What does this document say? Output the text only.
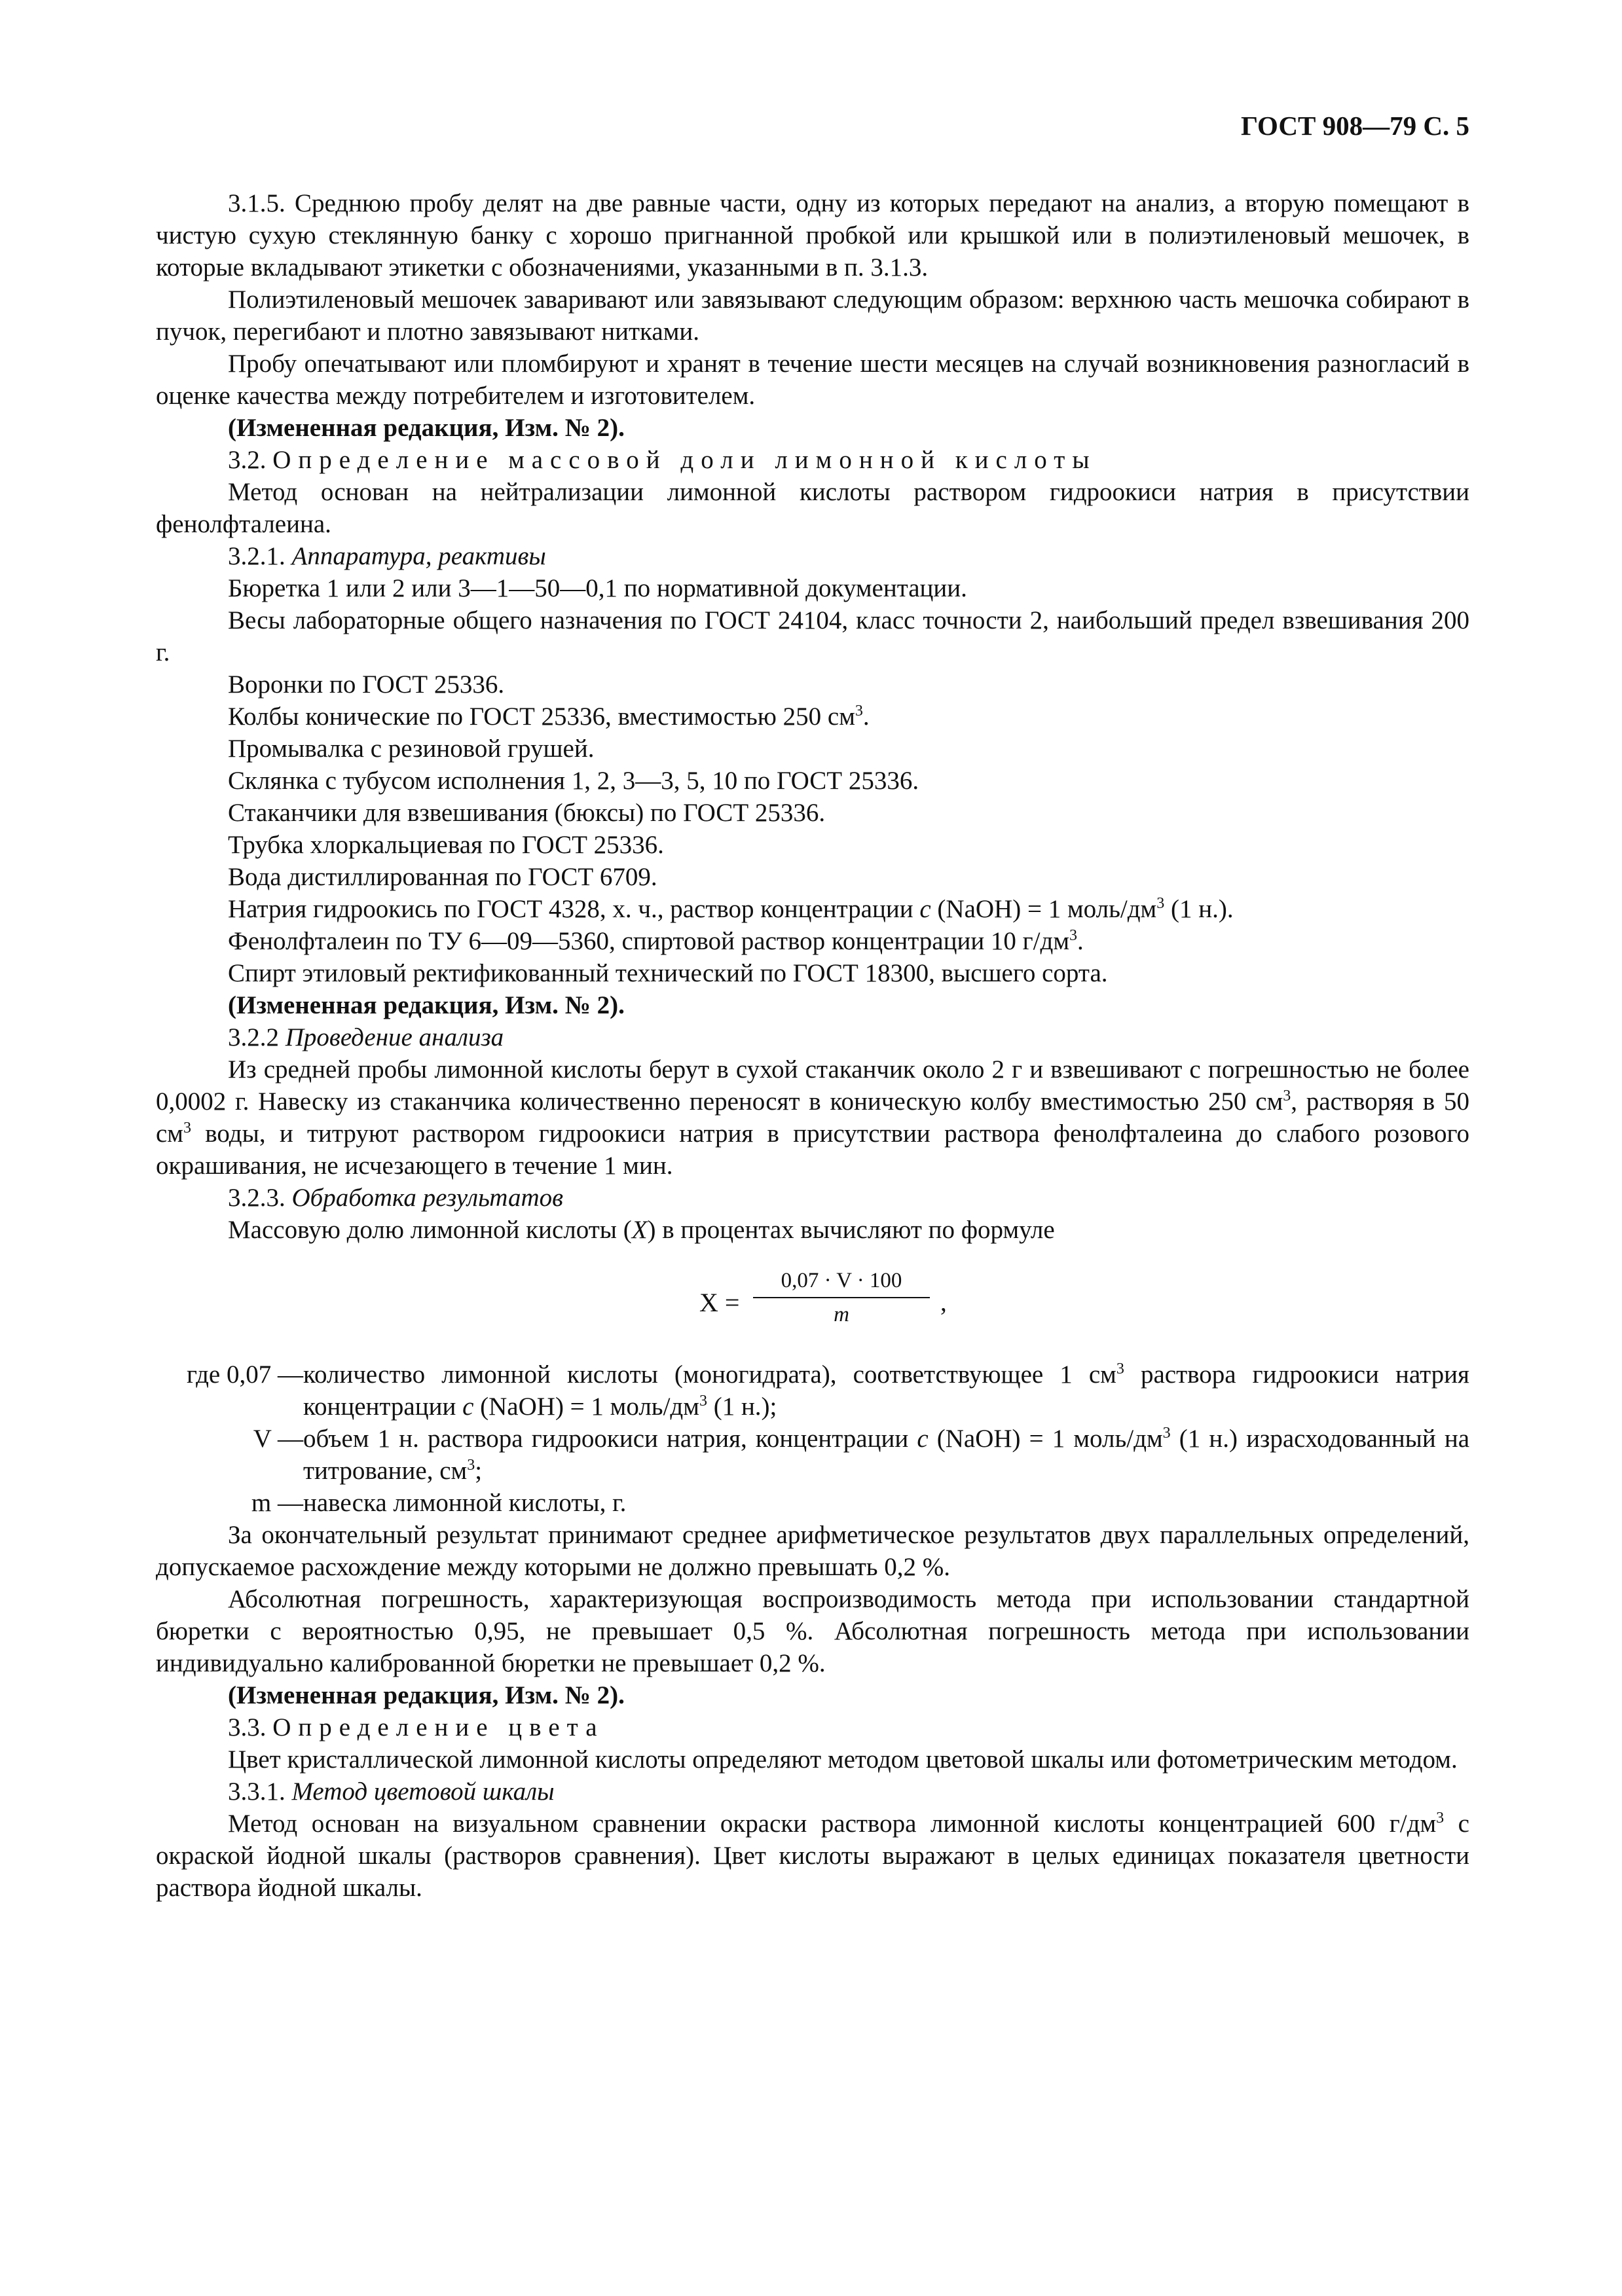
ГОСТ 908—79 С. 5

3.1.5. Среднюю пробу делят на две равные части, одну из которых передают на анализ, а вторую помещают в чистую сухую стеклянную банку с хорошо пригнанной пробкой или крышкой или в полиэтиленовый мешочек, в которые вкладывают этикетки с обозначениями, указанными в п. 3.1.3.

Полиэтиленовый мешочек заваривают или завязывают следующим образом: верхнюю часть мешочка собирают в пучок, перегибают и плотно завязывают нитками.

Пробу опечатывают или пломбируют и хранят в течение шести месяцев на случай возникновения разногласий в оценке качества между потребителем и изготовителем.

(Измененная редакция, Изм. № 2).

3.2. Определение массовой доли лимонной кислоты

Метод основан на нейтрализации лимонной кислоты раствором гидроокиси натрия в присутствии фенолфталеина.

3.2.1. Аппаратура, реактивы

Бюретка 1 или 2 или 3—1—50—0,1 по нормативной документации.

Весы лабораторные общего назначения по ГОСТ 24104, класс точности 2, наибольший предел взвешивания 200 г.

Воронки по ГОСТ 25336.

Колбы конические по ГОСТ 25336, вместимостью 250 $см^3$.

Промывалка с резиновой грушей.

Склянка с тубусом исполнения 1, 2, 3—3, 5, 10 по ГОСТ 25336.

Стаканчики для взвешивания (бюксы) по ГОСТ 25336.

Трубка хлоркальциевая по ГОСТ 25336.

Вода дистиллированная по ГОСТ 6709.

Натрия гидроокись по ГОСТ 4328, х. ч., раствор концентрации с (NaOH) = 1 моль/$дм^3$ (1 н.).

Фенолфталеин по ТУ 6—09—5360, спиртовой раствор концентрации 10 $г/дм^3$.

Спирт этиловый ректификованный технический по ГОСТ 18300, высшего сорта.

(Измененная редакция, Изм. № 2).

3.2.2 Проведение анализа

Из средней пробы лимонной кислоты берут в сухой стаканчик около 2 г и взвешивают с погрешностью не более 0,0002 г. Навеску из стаканчика количественно переносят в коническую колбу вместимостью 250 $см^3$, растворяя в 50 $см^3$ воды, и титруют раствором гидроокиси натрия в присутствии раствора фенолфталеина до слабого розового окрашивания, не исчезающего в течение 1 мин.

3.2.3. Обработка результатов

Массовую долю лимонной кислоты (X) в процентах вычисляют по формуле

X =
0,07 · V · 100
m	,

где 0,07 — количество лимонной кислоты (моногидрата), соответствующее 1 $см^3$ раствора гидроокиси натрия концентрации с (NaOH) = 1 моль/$дм^3$ (1 н.);

V — объем 1 н. раствора гидроокиси натрия, концентрации с (NaOH) = 1 моль/$дм^3$ (1 н.) израсходованный на титрование, $см^3$;

m — навеска лимонной кислоты, г.

За окончательный результат принимают среднее арифметическое результатов двух параллельных определений, допускаемое расхождение между которыми не должно превышать 0,2 %.

Абсолютная погрешность, характеризующая воспроизводимость метода при использовании стандартной бюретки с вероятностью 0,95, не превышает 0,5 %. Абсолютная погрешность метода при использовании индивидуально калиброванной бюретки не превышает 0,2 %.

(Измененная редакция, Изм. № 2).

3.3. Определение цвета

Цвет кристаллической лимонной кислоты определяют методом цветовой шкалы или фотометрическим методом.

3.3.1. Метод цветовой шкалы

Метод основан на визуальном сравнении окраски раствора лимонной кислоты концентрацией 600 $г/дм^3$ с окраской йодной шкалы (растворов сравнения). Цвет кислоты выражают в целых единицах показателя цветности раствора йодной шкалы.
